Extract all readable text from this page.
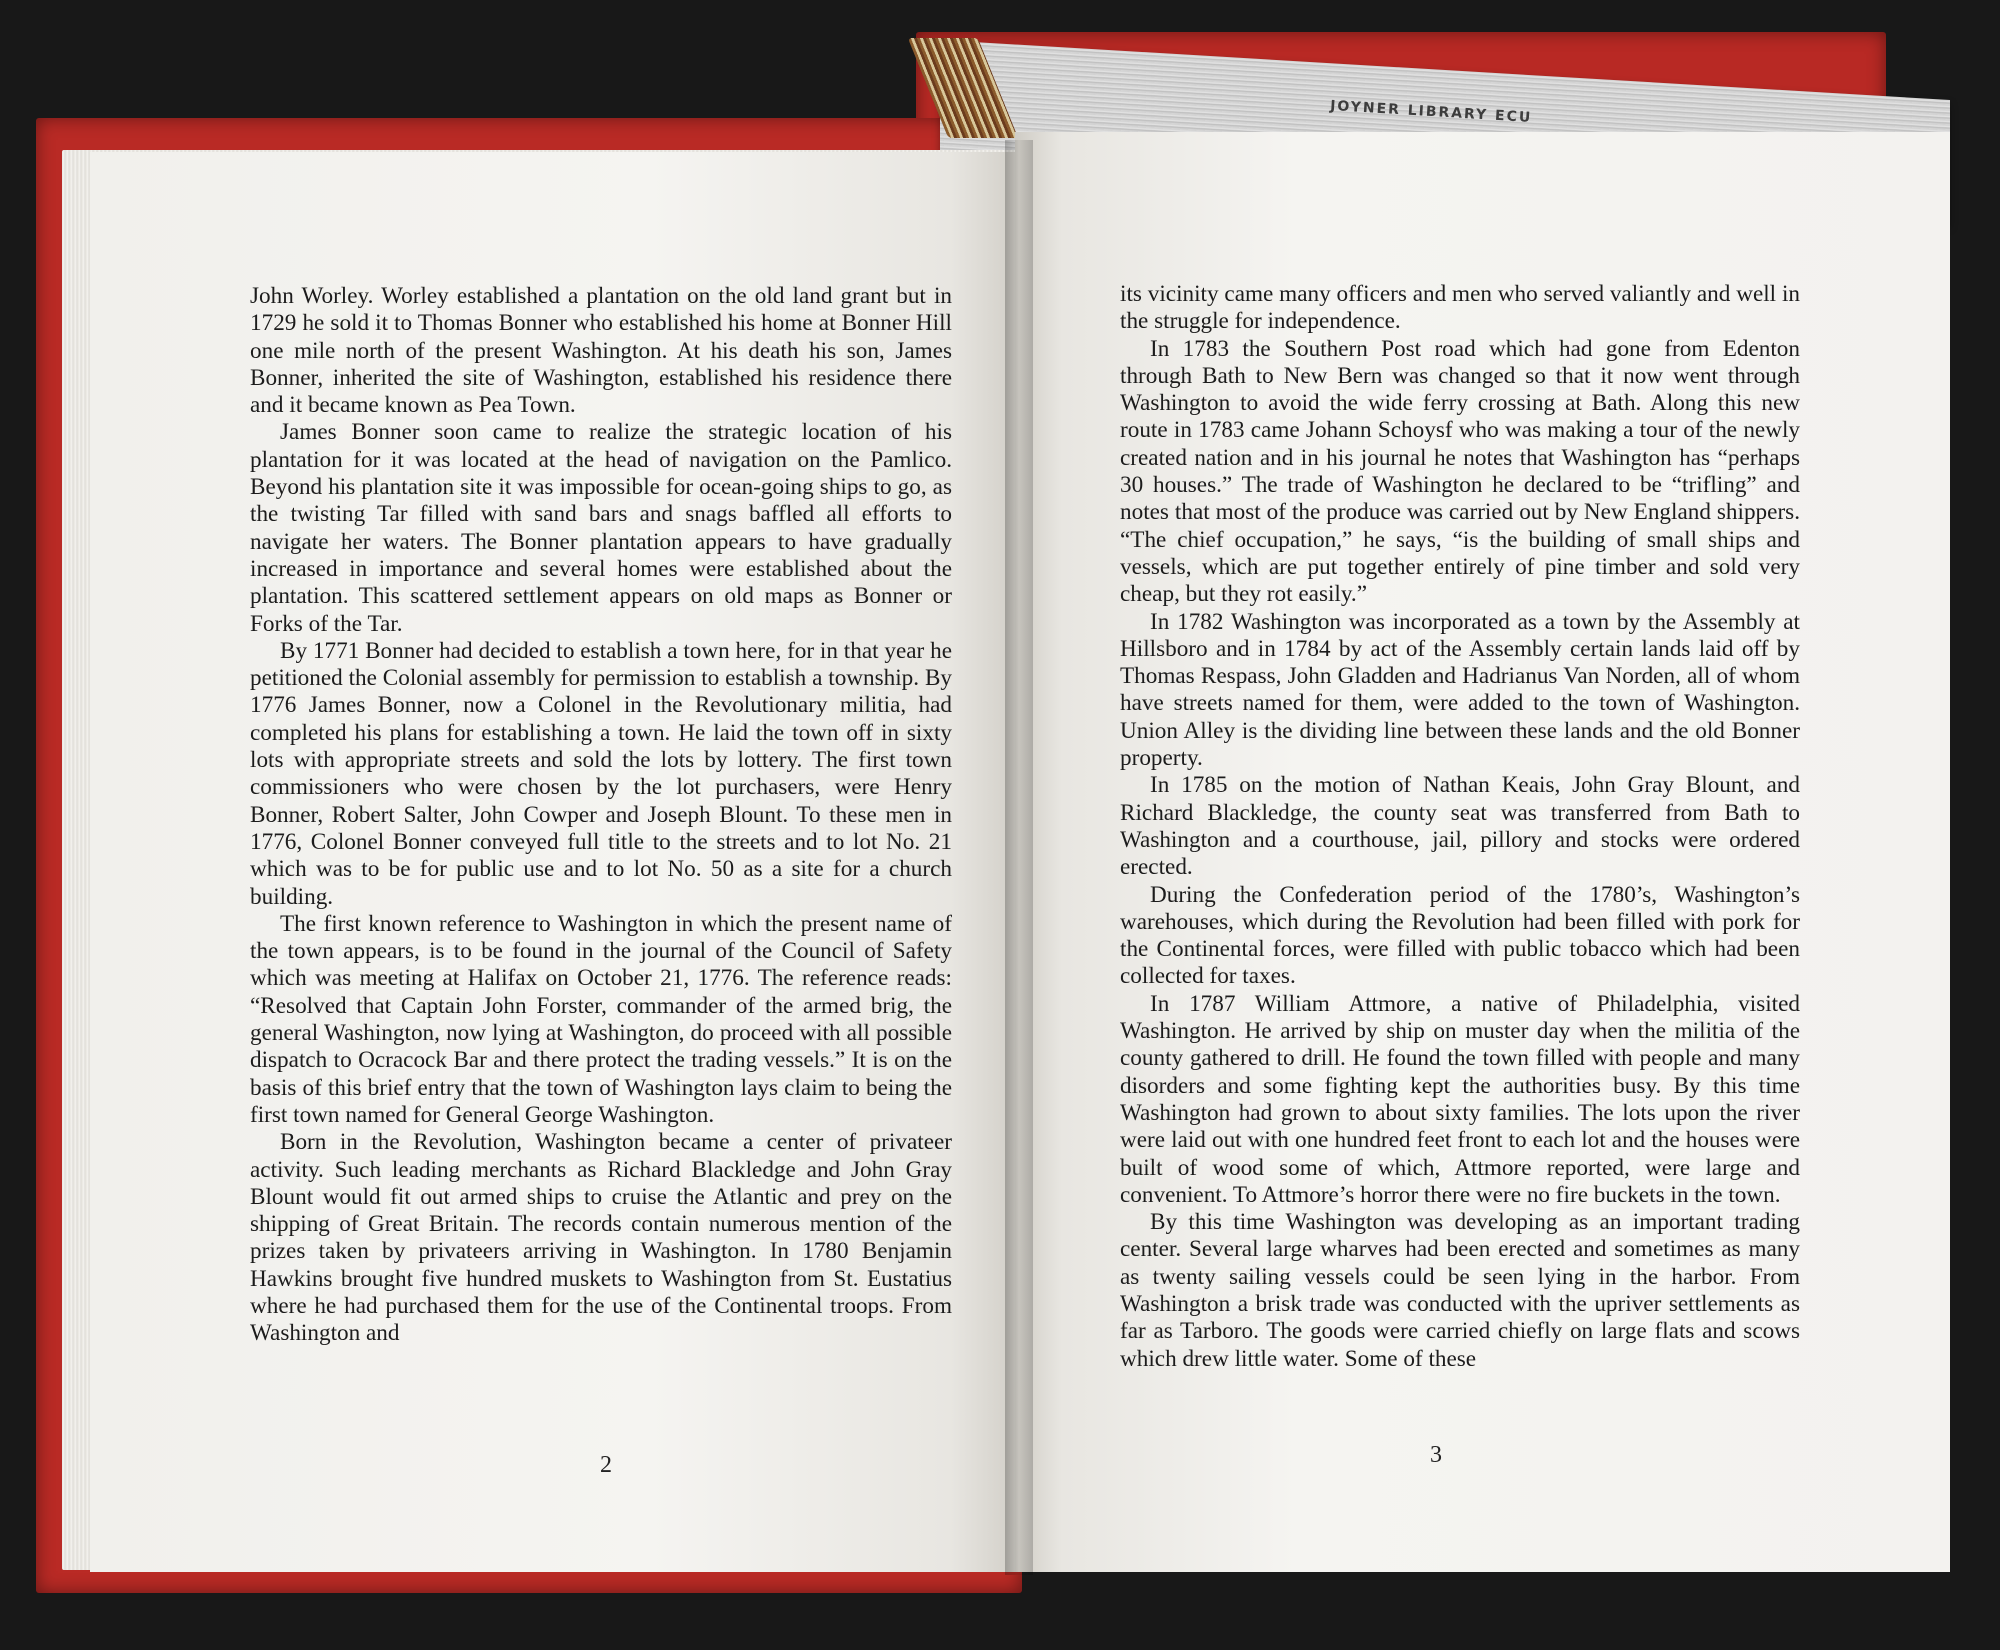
JOYNER LIBRARY ECU

John Worley. Worley established a plantation on the old land grant but in 1729 he sold it to Thomas Bonner who established his home at Bonner Hill one mile north of the present Washington. At his death his son, James Bonner, inherited the site of Washington, established his residence there and it became known as Pea Town.

James Bonner soon came to realize the strategic location of his plantation for it was located at the head of navigation on the Pamlico. Beyond his plantation site it was impossible for ocean-going ships to go, as the twisting Tar filled with sand bars and snags baffled all efforts to navigate her waters. The Bonner plantation appears to have gradually increased in importance and several homes were established about the plantation. This scattered settlement appears on old maps as Bonner or Forks of the Tar.

By 1771 Bonner had decided to establish a town here, for in that year he petitioned the Colonial assembly for permission to establish a township. By 1776 James Bonner, now a Colonel in the Revolutionary militia, had completed his plans for establishing a town. He laid the town off in sixty lots with appropriate streets and sold the lots by lottery. The first town commissioners who were chosen by the lot purchasers, were Henry Bonner, Robert Salter, John Cowper and Joseph Blount. To these men in 1776, Colonel Bonner conveyed full title to the streets and to lot No. 21 which was to be for public use and to lot No. 50 as a site for a church building.

The first known reference to Washington in which the present name of the town appears, is to be found in the journal of the Council of Safety which was meeting at Halifax on October 21, 1776. The reference reads: “Resolved that Captain John Forster, commander of the armed brig, the general Washington, now lying at Washington, do proceed with all possible dispatch to Ocracock Bar and there protect the trading vessels.” It is on the basis of this brief entry that the town of Washington lays claim to being the first town named for General George Washington.

Born in the Revolution, Washington became a center of privateer activity. Such leading merchants as Richard Blackledge and John Gray Blount would fit out armed ships to cruise the Atlantic and prey on the shipping of Great Britain. The records contain numerous mention of the prizes taken by privateers arriving in Washington. In 1780 Benjamin Hawkins brought five hundred muskets to Washington from St. Eustatius where he had purchased them for the use of the Continental troops. From Washington and

2

its vicinity came many officers and men who served valiantly and well in the struggle for independence.

In 1783 the Southern Post road which had gone from Edenton through Bath to New Bern was changed so that it now went through Washington to avoid the wide ferry crossing at Bath. Along this new route in 1783 came Johann Schoysf who was making a tour of the newly created nation and in his journal he notes that Washington has “perhaps 30 houses.” The trade of Washington he declared to be “trifling” and notes that most of the produce was carried out by New England shippers. “The chief occupation,” he says, “is the building of small ships and vessels, which are put together entirely of pine timber and sold very cheap, but they rot easily.”

In 1782 Washington was incorporated as a town by the Assembly at Hillsboro and in 1784 by act of the Assembly certain lands laid off by Thomas Respass, John Gladden and Hadrianus Van Norden, all of whom have streets named for them, were added to the town of Washington. Union Alley is the dividing line between these lands and the old Bonner property.

In 1785 on the motion of Nathan Keais, John Gray Blount, and Richard Blackledge, the county seat was transferred from Bath to Washington and a courthouse, jail, pillory and stocks were ordered erected.

During the Confederation period of the 1780’s, Washington’s warehouses, which during the Revolution had been filled with pork for the Continental forces, were filled with public tobacco which had been collected for taxes.

In 1787 William Attmore, a native of Philadelphia, visited Washington. He arrived by ship on muster day when the militia of the county gathered to drill. He found the town filled with people and many disorders and some fighting kept the authorities busy. By this time Washington had grown to about sixty families. The lots upon the river were laid out with one hundred feet front to each lot and the houses were built of wood some of which, Attmore reported, were large and convenient. To Attmore’s horror there were no fire buckets in the town.

By this time Washington was developing as an important trading center. Several large wharves had been erected and sometimes as many as twenty sailing vessels could be seen lying in the harbor. From Washington a brisk trade was conducted with the upriver settlements as far as Tarboro. The goods were carried chiefly on large flats and scows which drew little water. Some of these

3
